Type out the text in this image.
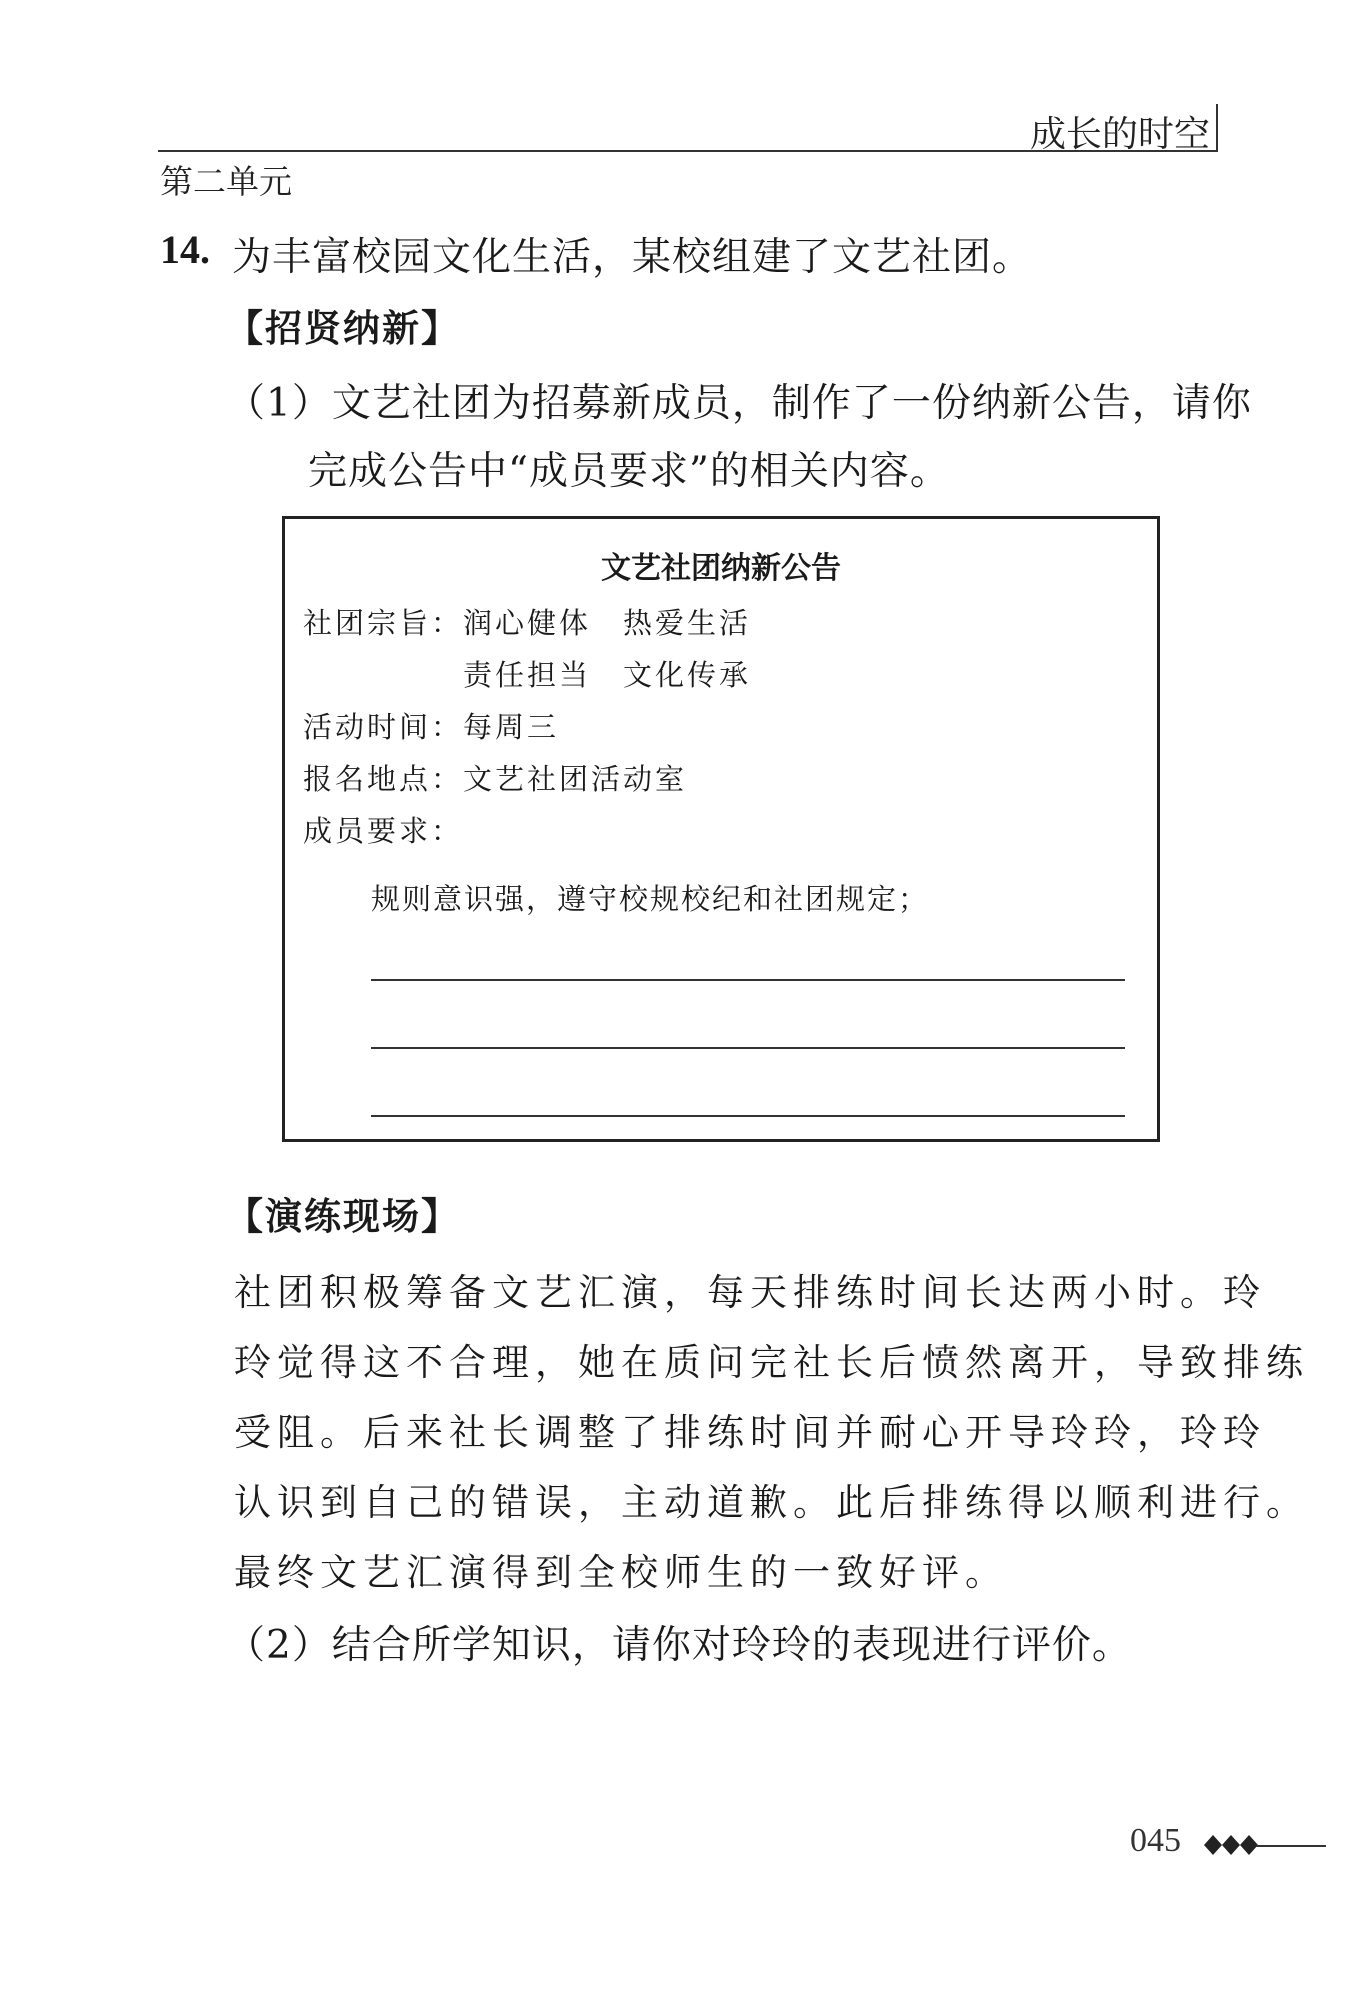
成长的时空
第二单元
14. 为丰富校园文化生活，某校组建了文艺社团。
【招贤纳新】
（1）文艺社团为招募新成员，制作了一份纳新公告，请你
完成公告中“成员要求”的相关内容。
文艺社团纳新公告
社团宗旨： 润心健体　热爱生活
责任担当　文化传承
活动时间： 每周三
报名地点： 文艺社团活动室
成员要求：
规则意识强，遵守校规校纪和社团规定；
【演练现场】
社团积极筹备文艺汇演，每天排练时间长达两小时。玲
玲觉得这不合理，她在质问完社长后愤然离开，导致排练
受阻。后来社长调整了排练时间并耐心开导玲玲，玲玲
认识到自己的错误，主动道歉。此后排练得以顺利进行。
最终文艺汇演得到全校师生的一致好评。
（2）结合所学知识，请你对玲玲的表现进行评价。
045
